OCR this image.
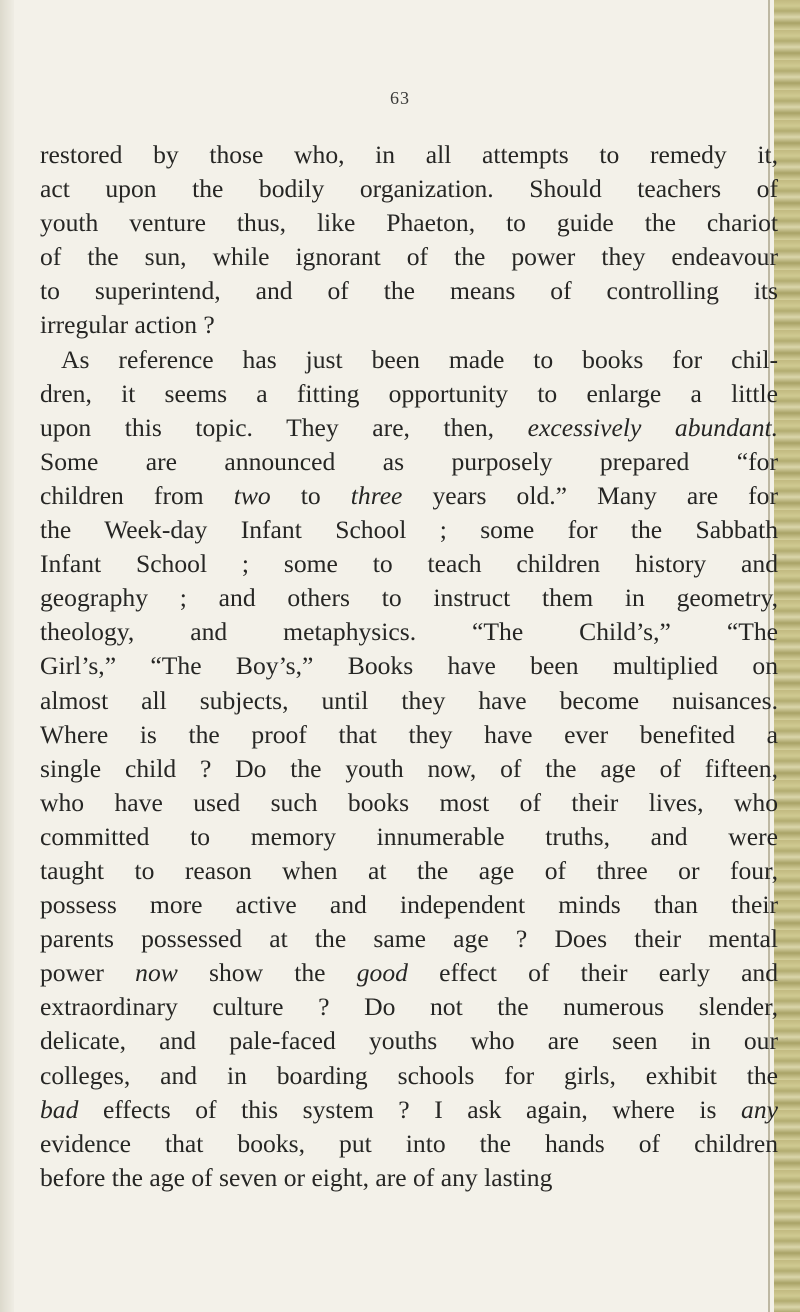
63
restored by those who, in all attempts to remedy it,
act upon the bodily organization. Should teachers of
youth venture thus, like Phaeton, to guide the chariot
of the sun, while ignorant of the power they endeavour
to superintend, and of the means of controlling its
irregular action ?
As reference has just been made to books for chil-
dren, it seems a fitting opportunity to enlarge a little
upon this topic. They are, then, excessively abundant.
Some are announced as purposely prepared “for
children from two to three years old.” Many are for
the Week-day Infant School ; some for the Sabbath
Infant School ; some to teach children history and
geography ; and others to instruct them in geometry,
theology, and metaphysics. “The Child’s,” “The
Girl’s,” “The Boy’s,” Books have been multiplied on
almost all subjects, until they have become nuisances.
Where is the proof that they have ever benefited a
single child ? Do the youth now, of the age of fifteen,
who have used such books most of their lives, who
committed to memory innumerable truths, and were
taught to reason when at the age of three or four,
possess more active and independent minds than their
parents possessed at the same age ? Does their mental
power now show the good effect of their early and
extraordinary culture ? Do not the numerous slender,
delicate, and pale-faced youths who are seen in our
colleges, and in boarding schools for girls, exhibit the
bad effects of this system ? I ask again, where is any
evidence that books, put into the hands of children
before the age of seven or eight, are of any lasting
